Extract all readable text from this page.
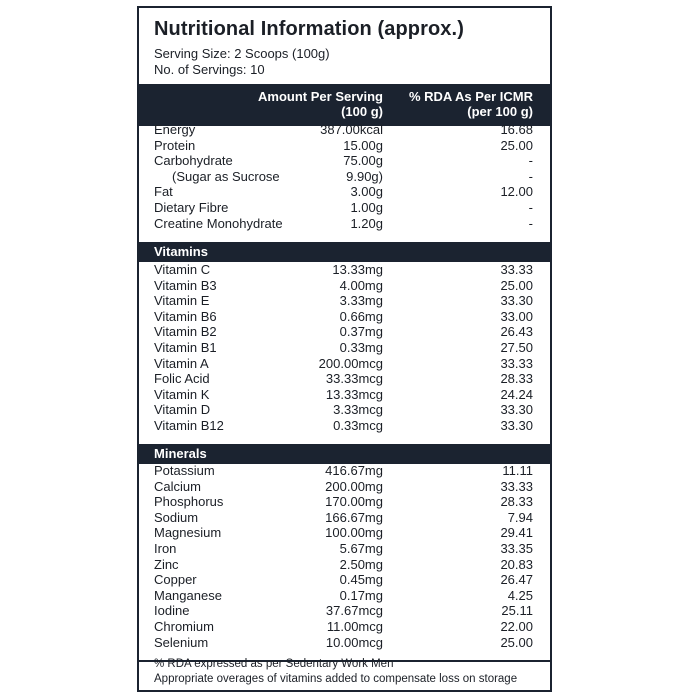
Nutritional Information (approx.)
Serving Size: 2 Scoops (100g)
No. of Servings: 10
Amount Per Serving
(100 g)
% RDA As Per ICMR
(per 100 g)
Energy	387.00kcal	16.68
Protein	15.00g	25.00
Carbohydrate	75.00g	-
(Sugar as Sucrose	9.90g)	-
Fat	3.00g	12.00
Dietary Fibre	1.00g	-
Creatine Monohydrate	1.20g	-
Vitamins
Vitamin C	13.33mg	33.33
Vitamin B3	4.00mg	25.00
Vitamin E	3.33mg	33.30
Vitamin B6	0.66mg	33.00
Vitamin B2	0.37mg	26.43
Vitamin B1	0.33mg	27.50
Vitamin A	200.00mcg	33.33
Folic Acid	33.33mcg	28.33
Vitamin K	13.33mcg	24.24
Vitamin D	3.33mcg	33.30
Vitamin B12	0.33mcg	33.30
Minerals
Potassium	416.67mg	11.11
Calcium	200.00mg	33.33
Phosphorus	170.00mg	28.33
Sodium	166.67mg	7.94
Magnesium	100.00mg	29.41
Iron	5.67mg	33.35
Zinc	2.50mg	20.83
Copper	0.45mg	26.47
Manganese	0.17mg	4.25
Iodine	37.67mcg	25.11
Chromium	11.00mcg	22.00
Selenium	10.00mcg	25.00
% RDA expressed as per Sedentary Work Men
Appropriate overages of vitamins added to compensate loss on storage
